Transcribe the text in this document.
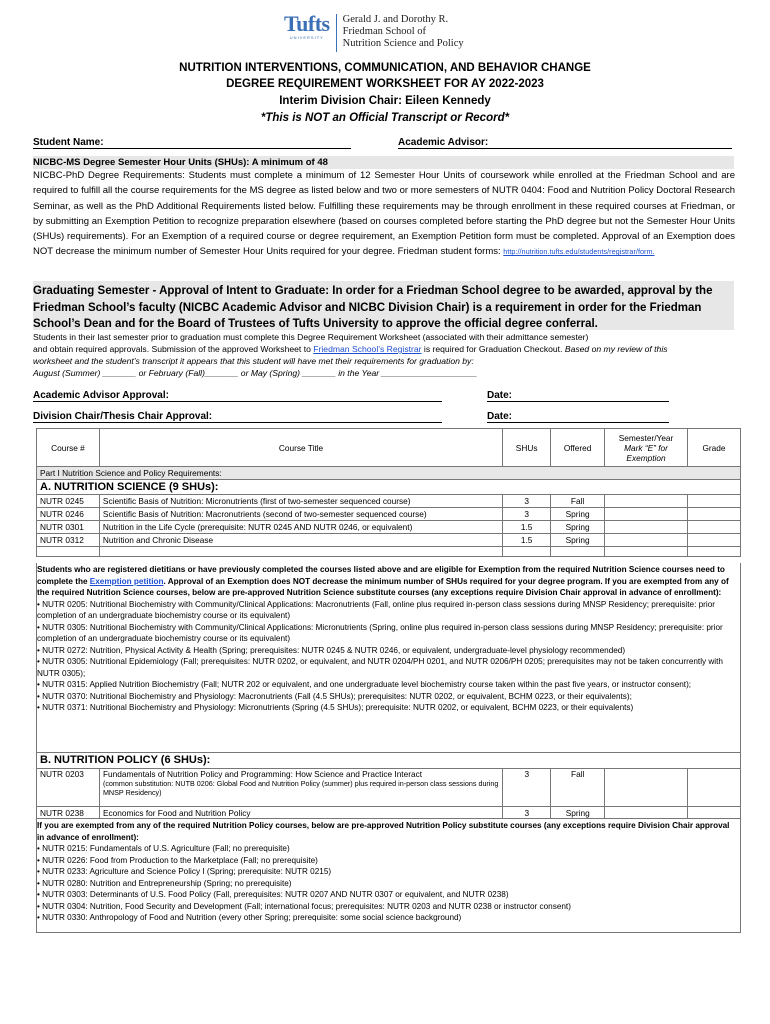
Tufts
UNIVERSITY
Gerald J. and Dorothy R.
Friedman School of
Nutrition Science and Policy
NUTRITION INTERVENTIONS, COMMUNICATION, AND BEHAVIOR CHANGE
DEGREE REQUIREMENT WORKSHEET FOR AY 2022-2023
Interim Division Chair: Eileen Kennedy
*This is NOT an Official Transcript or Record*
Student Name:	Academic Advisor:
NICBC-MS Degree Semester Hour Units (SHUs): A minimum of 48
NICBC-PhD Degree Requirements: Students must complete a minimum of 12 Semester Hour Units of coursework while enrolled at the Friedman School and are required to fulfill all the course requirements for the MS degree as listed below and two or more semesters of NUTR 0404: Food and Nutrition Policy Doctoral Research Seminar, as well as the PhD Additional Requirements listed below. Fulfilling these requirements may be through enrollment in these required courses at Friedman, or by submitting an Exemption Petition to recognize preparation elsewhere (based on courses completed before starting the PhD degree but not the Semester Hour Units (SHUs) requirements). For an Exemption of a required course or degree requirement, an Exemption Petition form must be completed. Approval of an Exemption does NOT decrease the minimum number of Semester Hour Units required for your degree. Friedman student forms: http://nutrition.tufts.edu/students/registrar/form.
Graduating Semester - Approval of Intent to Graduate: In order for a Friedman School degree to be awarded, approval by the Friedman School’s faculty (NICBC Academic Advisor and NICBC Division Chair) is a requirement in order for the Friedman School’s Dean and for the Board of Trustees of Tufts University to approve the official degree conferral.
Students in their last semester prior to graduation must complete this Degree Requirement Worksheet (associated with their admittance semester)
and obtain required approvals. Submission of the approved Worksheet to Friedman School’s Registrar is required for Graduation Checkout. Based on my review of this
worksheet and the student’s transcript it appears that this student will have met their requirements for graduation by:
August (Summer) _______ or February (Fall)_______ or May (Spring) _______ in the Year ____________________
Academic Advisor Approval:	Date:
Division Chair/Thesis Chair Approval:	Date:
Course #	Course Title	SHUs	Offered	Semester/Year
Mark “E” for
Exemption	Grade
Part I Nutrition Science and Policy Requirements:					
A. NUTRITION SCIENCE (9 SHUs):					
NUTR 0245	Scientific Basis of Nutrition: Micronutrients (first of two-semester sequenced course)	3	Fall		
NUTR 0246	Scientific Basis of Nutrition: Macronutrients (second of two-semester sequenced course)	3	Spring		
NUTR 0301	Nutrition in the Life Cycle (prerequisite: NUTR 0245 AND NUTR 0246, or equivalent)	1.5	Spring		
NUTR 0312	Nutrition and Chronic Disease	1.5	Spring		

Students who are registered dietitians or have previously completed the courses listed above and are eligible for Exemption from the required Nutrition Science courses need to complete the Exemption petition. Approval of an Exemption does NOT decrease the minimum number of SHUs required for your degree program. If you are exempted from any of the required Nutrition Science courses, below are pre-approved Nutrition Science substitute courses (any exceptions require Division Chair approval in advance of enrollment):
• NUTR 0205: Nutritional Biochemistry with Community/Clinical Applications: Macronutrients (Fall, online plus required in-person class sessions during MNSP Residency; prerequisite: prior completion of an undergraduate biochemistry course or its equivalent)
• NUTR 0305: Nutritional Biochemistry with Community/Clinical Applications: Micronutrients (Spring, online plus required in-person class sessions during MNSP Residency; prerequisite: prior completion of an undergraduate biochemistry course or its equivalent)
• NUTR 0272: Nutrition, Physical Activity & Health (Spring; prerequisites: NUTR 0245 & NUTR 0246, or equivalent, undergraduate-level physiology recommended)
• NUTR 0305: Nutritional Epidemiology (Fall; prerequisites: NUTR 0202, or equivalent, and NUTR 0204/PH 0201, and NUTR 0206/PH 0205; prerequisites may not be taken concurrently with NUTR 0305);
• NUTR 0315: Applied Nutrition Biochemistry (Fall; NUTR 202 or equivalent, and one undergraduate level biochemistry course taken within the past five years, or instructor consent);
• NUTR 0370: Nutritional Biochemistry and Physiology: Macronutrients (Fall (4.5 SHUs); prerequisites: NUTR 0202, or equivalent, BCHM 0223, or their equivalents);
• NUTR 0371: Nutritional Biochemistry and Physiology: Micronutrients (Spring (4.5 SHUs); prerequisite: NUTR 0202, or equivalent, BCHM 0223, or their equivalents)
B. NUTRITION POLICY (6 SHUs):					
NUTR 0203	Fundamentals of Nutrition Policy and Programming: How Science and Practice Interact
(common substitution: NUTB 0206: Global Food and Nutrition Policy (summer) plus required in-person class sessions during MNSP Residency)	3	Fall		
NUTR 0238	Economics for Food and Nutrition Policy	3	Spring		
If you are exempted from any of the required Nutrition Policy courses, below are pre-approved Nutrition Policy substitute courses (any exceptions require Division Chair approval in advance of enrollment):
• NUTR 0215: Fundamentals of U.S. Agriculture (Fall; no prerequisite)
• NUTR 0226: Food from Production to the Marketplace (Fall; no prerequisite)
• NUTR 0233: Agriculture and Science Policy I (Spring; prerequisite: NUTR 0215)
• NUTR 0280: Nutrition and Entrepreneurship (Spring; no prerequisite)
• NUTR 0303: Determinants of U.S. Food Policy (Fall, prerequisites: NUTR 0207 AND NUTR 0307 or equivalent, and NUTR 0238)
• NUTR 0304: Nutrition, Food Security and Development (Fall; international focus; prerequisites: NUTR 0203 and NUTR 0238 or instructor consent)
• NUTR 0330: Anthropology of Food and Nutrition (every other Spring; prerequisite: some social science background)
